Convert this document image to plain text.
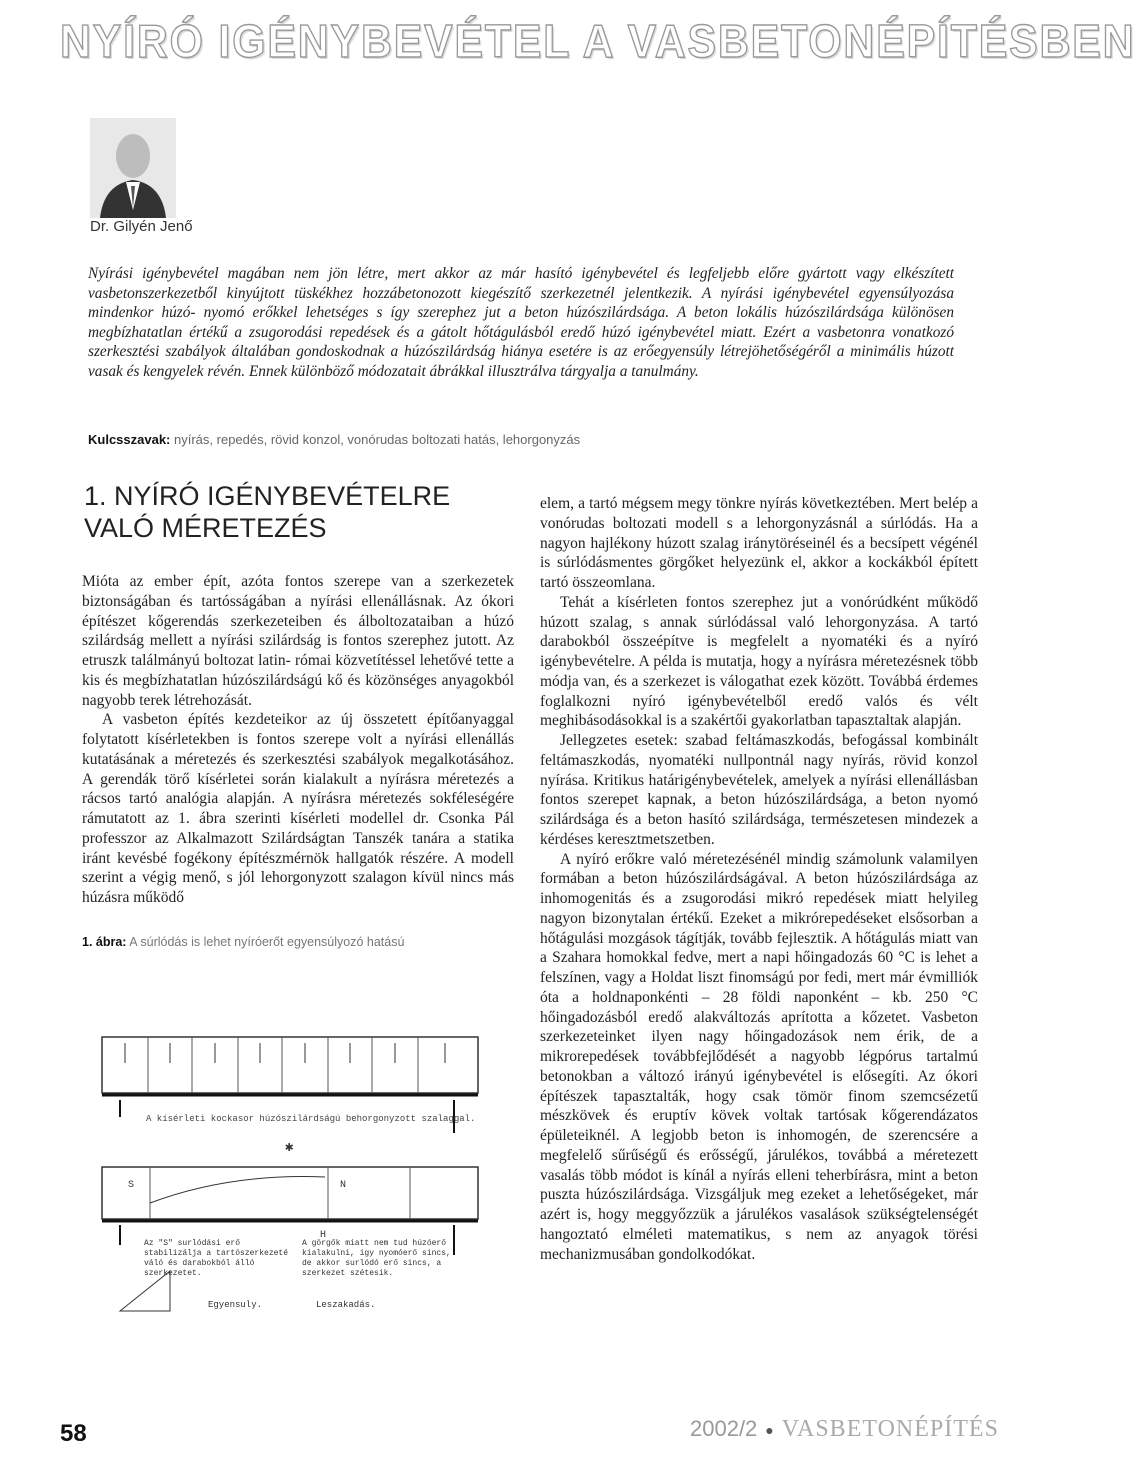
NYÍRÓ IGÉNYBEVÉTEL A VASBETONÉPÍTÉSBEN
Dr. Gilyén Jenő
Nyírási igénybevétel magában nem jön létre, mert akkor az már hasító igénybevétel és legfeljebb előre gyártott vagy elkészített vasbetonszerkezetből kinyújtott tüskékhez hozzábetonozott kiegészítő szerkezetnél jelentkezik. A nyírási igénybevétel egyensúlyozása mindenkor húzó- nyomó erőkkel lehetséges s így szerephez jut a beton húzószilárdsága. A beton lokális húzószilárdsága különösen megbízhatatlan értékű a zsugorodási repedések és a gátolt hőtágulásból eredő húzó igénybevétel miatt. Ezért a vasbetonra vonatkozó szerkesztési szabályok általában gondoskodnak a húzószilárdság hiánya esetére is az erőegyensúly létrejöhetőségéről a minimális húzott vasak és kengyelek révén. Ennek különböző módozatait ábrákkal illusztrálva tárgyalja a tanulmány.
Kulcsszavak: nyírás, repedés, rövid konzol, vonórudas boltozati hatás, lehorgonyzás
1. NYÍRÓ IGÉNYBEVÉTELRE VALÓ MÉRETEZÉS

Mióta az ember épít, azóta fontos szerepe van a szerkezetek biztonságában és tartósságában a nyírási ellenállásnak. Az ókori építészet kőgerendás szerkezeteiben és álboltozataiban a húzó szilárdság mellett a nyírási szilárdság is fontos szerephez jutott. Az etruszk találmányú boltozat latin- római közvetítéssel lehetővé tette a kis és megbízhatatlan húzószilárdságú kő és közönséges anyagokból nagyobb terek létrehozását.

A vasbeton építés kezdeteikor az új összetett építőanyaggal folytatott kísérletekben is fontos szerepe volt a nyírási ellenállás kutatásának a méretezés és szerkesztési szabályok megalkotásához. A gerendák törő kísérletei során kialakult a nyírásra méretezés a rácsos tartó analógia alapján. A nyírásra méretezés sokféleségére rámutatott az 1. ábra szerinti kísérleti modellel dr. Csonka Pál professzor az Alkalmazott Szilárdságtan Tanszék tanára a statika iránt kevésbé fogékony építészmérnök hallgatók részére. A modell szerint a végig menő, s jól lehorgonyzott szalagon kívül nincs más húzásra működő

1. ábra: A súrlódás is lehet nyíróerőt egyensúlyozó hatású
A kísérleti kockasor húzószilárdságú behorgonyzott szalaggal.
✱
S	N
H
Az "S" surlódási erő stabilizálja a tartószerkezeté váló és darabokból álló szerkezetet.
A görgők miatt nem tud húzóerő kialakulni, így nyomóerő sincs, de akkor surlódó erő sincs, a szerkezet szétesik.
Egyensuly.	Leszakadás.

elem, a tartó mégsem megy tönkre nyírás következtében. Mert belép a vonórudas boltozati modell s a lehorgonyzásnál a súrlódás. Ha a nagyon hajlékony húzott szalag iránytöréseinél és a becsípett végénél is súrlódásmentes görgőket helyezünk el, akkor a kockákból épített tartó összeomlana.

Tehát a kísérleten fontos szerephez jut a vonórúdként működő húzott szalag, s annak súrlódással való lehorgonyzása. A tartó darabokból összeépítve is megfelelt a nyomatéki és a nyíró igénybevételre. A példa is mutatja, hogy a nyírásra méretezésnek több módja van, és a szerkezet is válogathat ezek között. Továbbá érdemes foglalkozni nyíró igénybevételből eredő valós és vélt meghibásodásokkal is a szakértői gyakorlatban tapasztaltak alapján.

Jellegzetes esetek: szabad feltámaszkodás, befogással kombinált feltámaszkodás, nyomatéki nullpontnál nagy nyírás, rövid konzol nyírása. Kritikus határigénybevételek, amelyek a nyírási ellenállásban fontos szerepet kapnak, a beton húzószilárdsága, a beton nyomó szilárdsága és a beton hasító szilárdsága, természetesen mindezek a kérdéses keresztmetszetben.

A nyíró erőkre való méretezésénél mindig számolunk valamilyen formában a beton húzószilárdságával. A beton húzószilárdsága az inhomogenitás és a zsugorodási mikró repedések miatt helyileg nagyon bizonytalan értékű. Ezeket a mikrórepedéseket elsősorban a hőtágulási mozgások tágítják, tovább fejlesztik. A hőtágulás miatt van a Szahara homokkal fedve, mert a napi hőingadozás 60 °C is lehet a felszínen, vagy a Holdat liszt finomságú por fedi, mert már évmilliók óta a holdnaponkénti – 28 földi naponként – kb. 250 °C hőingadozásból eredő alakváltozás aprította a kőzetet. Vasbeton szerkezeteinket ilyen nagy hőingadozások nem érik, de a mikrorepedések továbbfejlődését a nagyobb légpórus tartalmú betonokban a változó irányú igénybevétel is elősegíti. Az ókori építészek tapasztalták, hogy csak tömör finom szemcsézetű mészkövek és eruptív kövek voltak tartósak kőgerendázatos épületeiknél. A legjobb beton is inhomogén, de szerencsére a megfelelő sűrűségű és erősségű, járulékos, továbbá a méretezett vasalás több módot is kínál a nyírás elleni teherbírásra, mint a beton puszta húzószilárdsága. Vizsgáljuk meg ezeket a lehetőségeket, már azért is, hogy meggyőzzük a járulékos vasalások szükségtelenségét hangoztató elméleti matematikus, s nem az anyagok törési mechanizmusában gondolkodókat.

58	2002/2 ● VASBETONÉPÍTÉS
